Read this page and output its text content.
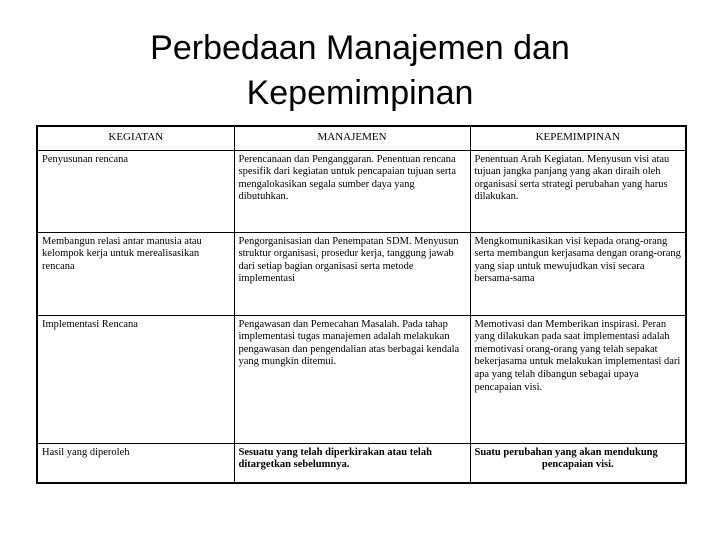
Perbedaan Manajemen dan
Kepemimpinan
KEGIATAN	MANAJEMEN	KEPEMIMPINAN
Penyusunan rencana	Perencanaan dan Penganggaran. Penentuan rencana spesifik dari kegiatan untuk pencapaian tujuan serta mengalokasikan segala sumber daya yang dibutuhkan.	Penentuan Arah Kegiatan. Menyusun visi atau tujuan jangka panjang yang akan diraih oleh organisasi serta strategi perubahan yang harus dilakukan.
Membangun relasi antar manusia atau kelompok kerja untuk merealisasikan rencana	Pengorganisasian dan Penempatan SDM. Menyusun struktur organisasi, prosedur kerja, tanggung jawab dari setiap bagian organisasi serta metode implementasi	Mengkomunikasikan visi kepada orang-orang serta membangun kerjasama dengan orang-orang yang siap untuk mewujudkan visi secara bersama-sama
Implementasi Rencana	Pengawasan dan Pemecahan Masalah. Pada tahap implementasi tugas manajemen adalah melakukan pengawasan dan pengendalian atas berbagai kendala yang mungkin ditemui.	Memotivasi dan Memberikan inspirasi. Peran yang dilakukan pada saat implementasi adalah memotivasi orang-orang yang telah sepakat bekerjasama untuk melakukan implementasi dari apa yang telah dibangun sebagai upaya pencapaian visi.
Hasil yang diperoleh	Sesuatu yang telah diperkirakan atau telah ditargetkan sebelumnya.	Suatu perubahan yang akan mendukung pencapaian visi.
